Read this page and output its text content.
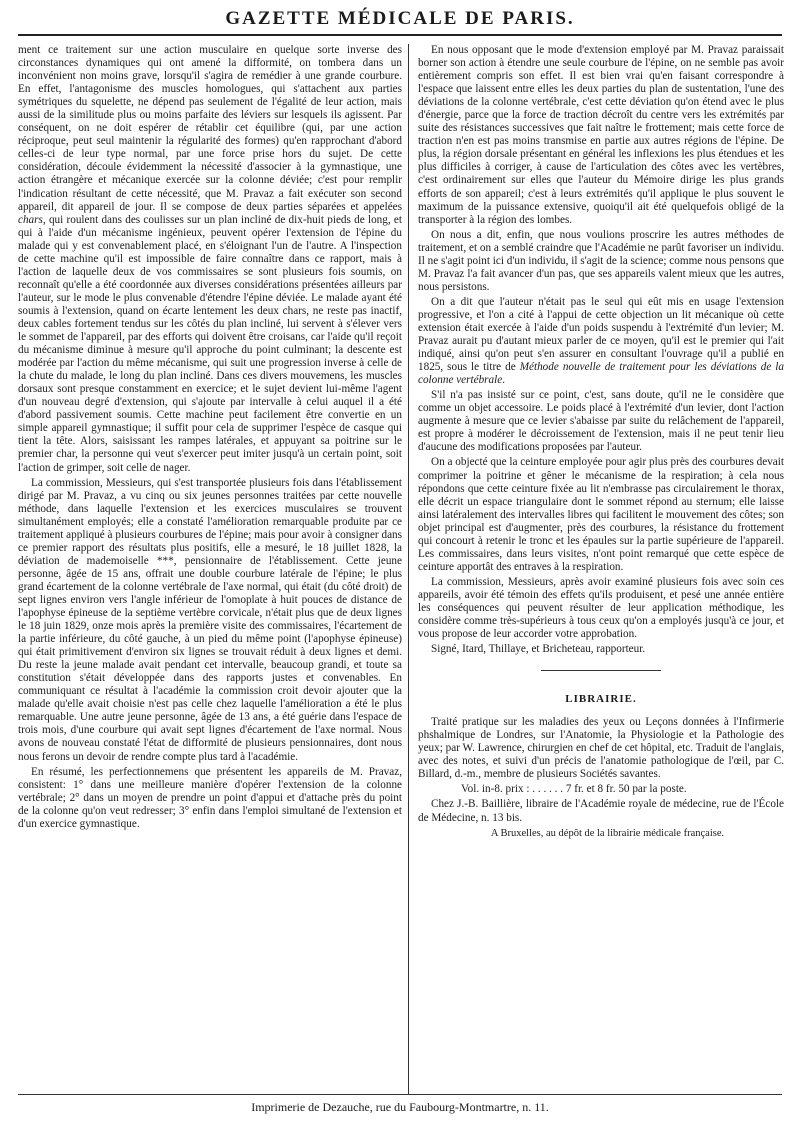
GAZETTE MÉDICALE DE PARIS.

ment ce traitement sur une action musculaire en quelque sorte inverse des circonstances dynamiques qui ont amené la difformité, on tombera dans un inconvénient non moins grave, lorsqu'il s'agira de remédier à une grande courbure. En effet, l'antagonisme des muscles homologues, qui s'attachent aux parties symétriques du squelette, ne dépend pas seulement de l'égalité de leur action, mais aussi de la similitude plus ou moins parfaite des léviers sur lesquels ils agissent. Par conséquent, on ne doit espérer de rétablir cet équilibre (qui, par une action réciproque, peut seul maintenir la régularité des formes) qu'en rapprochant d'abord celles-ci de leur type normal, par une force prise hors du sujet. De cette considération, découle évidemment la nécessité d'associer à la gymnastique, une action étrangère et mécanique exercée sur la colonne déviée; c'est pour remplir l'indication résultant de cette nécessité, que M. Pravaz a fait exécuter son second appareil, dit appareil de jour. Il se compose de deux parties séparées et appelées chars, qui roulent dans des coulisses sur un plan incliné de dix-huit pieds de long, et qui à l'aide d'un mécanisme ingénieux, peuvent opérer l'extension de l'épine du malade qui y est convenablement placé, en s'éloignant l'un de l'autre. A l'inspection de cette machine qu'il est impossible de faire connaître dans ce rapport, mais à l'action de laquelle deux de vos commissaires se sont plusieurs fois soumis, on reconnaît qu'elle a été coordonnée aux diverses considérations présentées ailleurs par l'auteur, sur le mode le plus convenable d'étendre l'épine déviée. Le malade ayant été soumis à l'extension, quand on écarte lentement les deux chars, ne reste pas inactif, deux cables fortement tendus sur les côtés du plan incliné, lui servent à s'élever vers le sommet de l'appareil, par des efforts qui doivent être croisans, car l'aide qu'il reçoit du mécanisme diminue à mesure qu'il approche du point culminant; la descente est modérée par l'action du même mécanisme, qui suit une progression inverse à celle de la chute du malade, le long du plan incliné. Dans ces divers mouvemens, les muscles dorsaux sont presque constamment en exercice; et le sujet devient lui-même l'agent d'un nouveau degré d'extension, qui s'ajoute par intervalle à celui auquel il a été d'abord passivement soumis. Cette machine peut facilement être convertie en un simple appareil gymnastique; il suffit pour cela de supprimer l'espèce de casque qui tient la tête. Alors, saisissant les rampes latérales, et appuyant sa poitrine sur le premier char, la personne qui veut s'exercer peut imiter jusqu'à un certain point, soit l'action de grimper, soit celle de nager.

La commission, Messieurs, qui s'est transportée plusieurs fois dans l'établissement dirigé par M. Pravaz, a vu cinq ou six jeunes personnes traitées par cette nouvelle méthode, dans laquelle l'extension et les exercices musculaires se trouvent simultanément employés; elle a constaté l'amélioration remarquable produite par ce traitement appliqué à plusieurs courbures de l'épine; mais pour avoir à consigner dans ce premier rapport des résultats plus positifs, elle a mesuré, le 18 juillet 1828, la déviation de mademoiselle ***, pensionnaire de l'établissement. Cette jeune personne, âgée de 15 ans, offrait une double courbure latérale de l'épine; le plus grand écartement de la colonne vertébrale de l'axe normal, qui était (du côté droit) de sept lignes environ vers l'angle inférieur de l'omoplate à huit pouces de distance de l'apophyse épineuse de la septième vertèbre corvicale, n'était plus que de deux lignes le 18 juin 1829, onze mois après la première visite des commissaires, l'écartement de la partie inférieure, du côté gauche, à un pied du même point (l'apophyse épineuse) qui était primitivement d'environ six lignes se trouvait réduit à deux lignes et demi. Du reste la jeune malade avait pendant cet intervalle, beaucoup grandi, et toute sa constitution s'était développée dans des rapports justes et convenables. En communiquant ce résultat à l'académie la commission croit devoir ajouter que la malade qu'elle avait choisie n'est pas celle chez laquelle l'amélioration a été le plus remarquable. Une autre jeune personne, âgée de 13 ans, a été guérie dans l'espace de trois mois, d'une courbure qui avait sept lignes d'écartement de l'axe normal. Nous avons de nouveau constaté l'état de difformité de plusieurs pensionnaires, dont nous nous ferons un devoir de rendre compte plus tard à l'académie.

En résumé, les perfectionnemens que présentent les appareils de M. Pravaz, consistent: 1° dans une meilleure manière d'opérer l'extension de la colonne vertébrale; 2° dans un moyen de prendre un point d'appui et d'attache près du point de la colonne qu'on veut redresser; 3° enfin dans l'emploi simultané de l'extension et d'un exercice gymnastique.

En nous opposant que le mode d'extension employé par M. Pravaz paraissait borner son action à étendre une seule courbure de l'épine, on ne semble pas avoir entièrement compris son effet. Il est bien vrai qu'en faisant correspondre à l'espace que laissent entre elles les deux parties du plan de sustentation, l'une des déviations de la colonne vertébrale, c'est cette déviation qu'on étend avec le plus d'énergie, parce que la force de traction décroît du centre vers les extrémités par suite des résistances successives que fait naître le frottement; mais cette force de traction n'en est pas moins transmise en partie aux autres régions de l'épine. De plus, la région dorsale présentant en général les inflexions les plus étendues et les plus difficiles à corriger, à cause de l'articulation des côtes avec les vertèbres, c'est ordinairement sur elles que l'auteur du Mémoire dirige les plus grands efforts de son appareil; c'est à leurs extrémités qu'il applique le plus souvent le maximum de la puissance extensive, quoiqu'il ait été quelquefois obligé de la transporter à la région des lombes.

On nous a dit, enfin, que nous voulions proscrire les autres méthodes de traitement, et on a semblé craindre que l'Académie ne parût favoriser un individu. Il ne s'agit point ici d'un individu, il s'agit de la science; comme nous pensons que M. Pravaz l'a fait avancer d'un pas, que ses appareils valent mieux que les autres, nous persistons.

On a dit que l'auteur n'était pas le seul qui eût mis en usage l'extension progressive, et l'on a cité à l'appui de cette objection un lit mécanique où cette extension était exercée à l'aide d'un poids suspendu à l'extrémité d'un levier; M. Pravaz aurait pu d'autant mieux parler de ce moyen, qu'il est le premier qui l'ait indiqué, ainsi qu'on peut s'en assurer en consultant l'ouvrage qu'il a publié en 1825, sous le titre de Méthode nouvelle de traitement pour les déviations de la colonne vertébrale.

S'il n'a pas insisté sur ce point, c'est, sans doute, qu'il ne le considère que comme un objet accessoire. Le poids placé à l'extrémité d'un levier, dont l'action augmente à mesure que ce levier s'abaisse par suite du relâchement de l'appareil, est propre à modérer le décroissement de l'extension, mais il ne peut tenir lieu d'aucune des modifications proposées par l'auteur.

On a objecté que la ceinture employée pour agir plus près des courbures devait comprimer la poitrine et gêner le mécanisme de la respiration; à cela nous répondons que cette ceinture fixée au lit n'embrasse pas circulairement le thorax, elle décrit un espace triangulaire dont le sommet répond au sternum; elle laisse ainsi latéralement des intervalles libres qui facilitent le mouvement des côtes; son objet principal est d'augmenter, près des courbures, la résistance du frottement qui concourt à retenir le tronc et les épaules sur la partie supérieure de l'appareil. Les commissaires, dans leurs visites, n'ont point remarqué que cette espèce de ceinture apportât des entraves à la respiration.

La commission, Messieurs, après avoir examiné plusieurs fois avec soin ces appareils, avoir été témoin des effets qu'ils produisent, et pesé une année entière les conséquences qui peuvent résulter de leur application méthodique, les considère comme très-supérieurs à tous ceux qu'on a employés jusqu'à ce jour, et vous propose de leur accorder votre approbation.

Signé, Itard, Thillaye, et Bricheteau, rapporteur.

LIBRAIRIE.

Traité pratique sur les maladies des yeux ou Leçons données à l'Infirmerie phshalmique de Londres, sur l'Anatomie, la Physiologie et la Pathologie des yeux; par W. Lawrence, chirurgien en chef de cet hôpital, etc. Traduit de l'anglais, avec des notes, et suivi d'un précis de l'anatomie pathologique de l'œil, par C. Billard, d.-m., membre de plusieurs Sociétés savantes.

Vol. in-8. prix : . . . . . . 7 fr. et 8 fr. 50 par la poste.

Chez J.-B. Baillière, libraire de l'Académie royale de médecine, rue de l'École de Médecine, n. 13 bis.

A Bruxelles, au dépôt de la librairie médicale française.

Imprimerie de Dezauche, rue du Faubourg-Montmartre, n. 11.
